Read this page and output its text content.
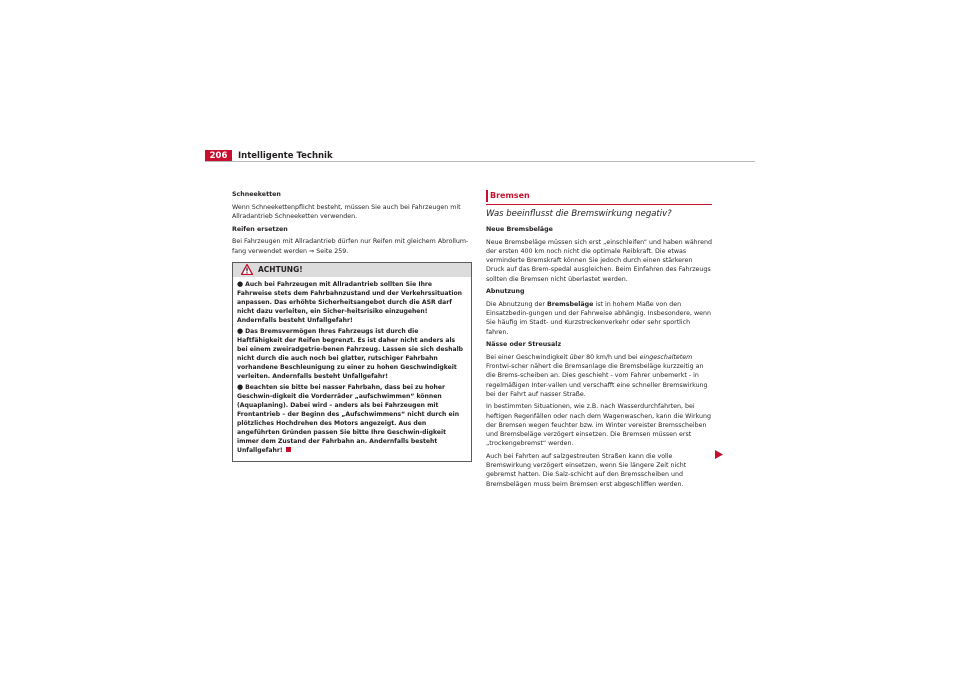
206	Intelligente Technik

Schneeketten

Wenn Schneekettenpflicht besteht, müssen Sie auch bei Fahrzeugen mit Allradantrieb Schneeketten verwenden.

Reifen ersetzen

Bei Fahrzeugen mit Allradantrieb dürfen nur Reifen mit gleichem Abrollum-fang verwendet werden ⇒ Seite 259.

ACHTUNG!

● Auch bei Fahrzeugen mit Allradantrieb sollten Sie Ihre Fahrweise stets dem Fahrbahnzustand und der Verkehrssituation anpassen. Das erhöhte Sicherheitsangebot durch die ASR darf nicht dazu verleiten, ein Sicher-heitsrisiko einzugehen! Andernfalls besteht Unfallgefahr!

● Das Bremsvermögen Ihres Fahrzeugs ist durch die Haftfähigkeit der Reifen begrenzt. Es ist daher nicht anders als bei einem zweiradgetrie-benen Fahrzeug. Lassen sie sich deshalb nicht durch die auch noch bei glatter, rutschiger Fahrbahn vorhandene Beschleunigung zu einer zu hohen Geschwindigkeit verleiten. Andernfalls besteht Unfallgefahr!

● Beachten sie bitte bei nasser Fahrbahn, dass bei zu hoher Geschwin-digkeit die Vorderräder „aufschwimmen“ können (Aquaplaning). Dabei wird – anders als bei Fahrzeugen mit Frontantrieb – der Beginn des „Aufschwimmens“ nicht durch ein plötzliches Hochdrehen des Motors angezeigt. Aus den angeführten Gründen passen Sie bitte Ihre Geschwin-digkeit immer dem Zustand der Fahrbahn an. Andernfalls besteht Unfallgefahr!

Bremsen
Was beeinflusst die Bremswirkung negativ?

Neue Bremsbeläge

Neue Bremsbeläge müssen sich erst „einschleifen“ und haben während der ersten 400 km noch nicht die optimale Reibkraft. Die etwas verminderte Bremskraft können Sie jedoch durch einen stärkeren Druck auf das Brem-spedal ausgleichen. Beim Einfahren des Fahrzeugs sollten die Bremsen nicht überlastet werden.

Abnutzung

Die Abnutzung der Bremsbeläge ist in hohem Maße von den Einsatzbedin-gungen und der Fahrweise abhängig. Insbesondere, wenn Sie häufig im Stadt- und Kurzstreckenverkehr oder sehr sportlich fahren.

Nässe oder Streusalz

Bei einer Geschwindigkeit über 80 km/h und bei eingeschaltetem Frontwi-scher nähert die Bremsanlage die Bremsbeläge kurzzeitig an die Brems-scheiben an. Dies geschieht - vom Fahrer unbemerkt - in regelmäßigen Inter-vallen und verschafft eine schneller Bremswirkung bei der Fahrt auf nasser Straße.

In bestimmten Situationen, wie z.B. nach Wasserdurchfahrten, bei heftigen Regenfällen oder nach dem Wagenwaschen, kann die Wirkung der Bremsen wegen feuchter bzw. im Winter vereister Bremsscheiben und Bremsbeläge verzögert einsetzen. Die Bremsen müssen erst „trockengebremst“ werden.

Auch bei Fahrten auf salzgestreuten Straßen kann die volle Bremswirkung verzögert einsetzen, wenn Sie längere Zeit nicht gebremst hatten. Die Salz-schicht auf den Bremsscheiben und Bremsbelägen muss beim Bremsen erst abgeschliffen werden.
